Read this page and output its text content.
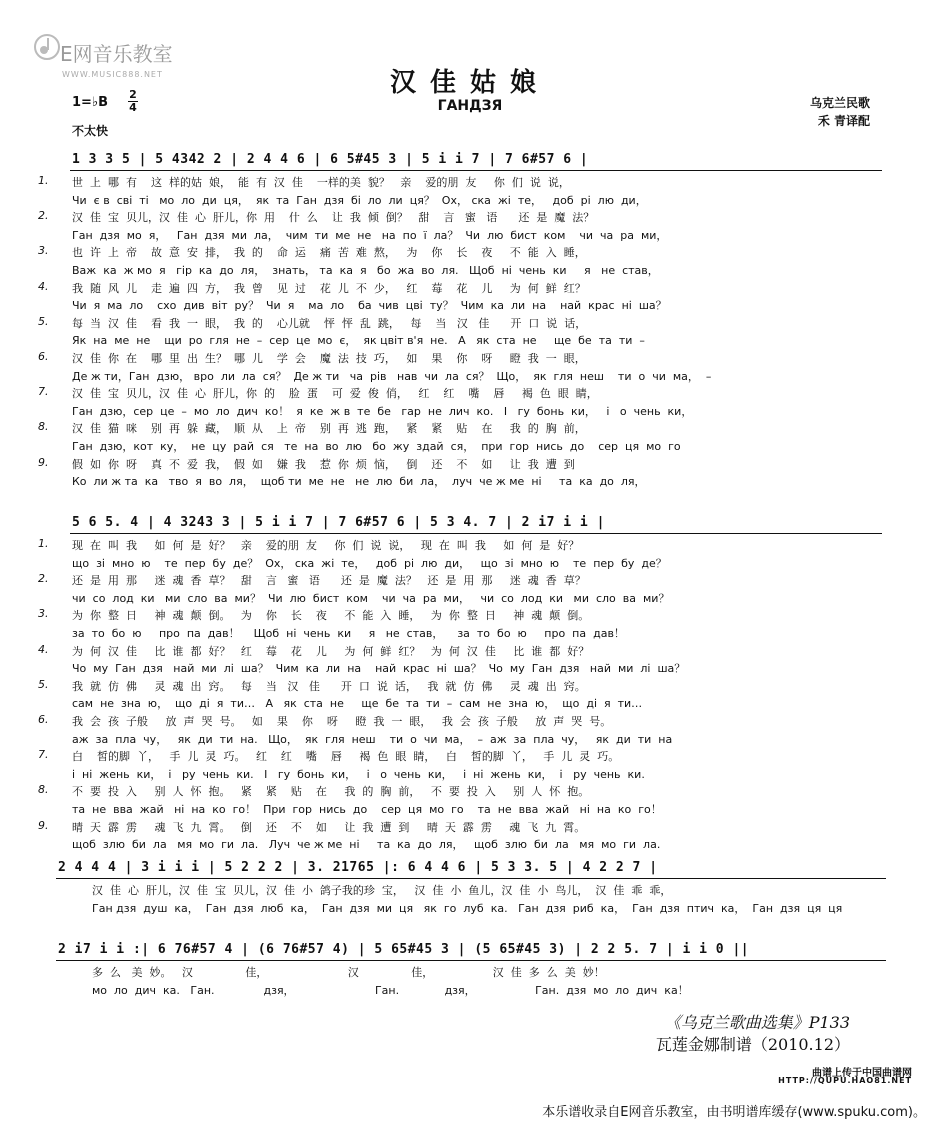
E网音乐教室
WWW.MUSIC888.NET	汉佳姑娘
ГАНДЗЯ	乌克兰民歌
禾 青译配
1=♭B
2
4
不太快
1 3 3 5 | 5 4342 2 | 2 4 4 6 | 6 5#45 3 | 5 i i 7 | 7 6#57 6 |
1. 世  上  哪  有    这  样的姑  娘，  能  有  汉  佳    一样的美  貌？   亲    爱的朋  友     你  们  说  说，
Чи  є в  сві  ті   мо  ло  ди  ця，  як  та  Ган  дзя  бі  ло  ли  ця？  Ох， ска  жі  те，   доб  рі  лю  ди，
2. 汉  佳  宝  贝儿，汉  佳  心  肝儿，你  用    什  么    让  我  倾  倒？   甜    言   蜜   语      还  是  魔  法？
Ган  дзя  мо  я，   Ган  дзя  ми  ла，  чим  ти  ме  не   на  по  ї  ла？  Чи  лю  бист  ком    чи  ча  ра  ми，
3. 也  许  上  帝    故  意  安  排，  我  的    命  运    痛  苦  难  熬，   为    你    长    夜     不  能  入  睡，
Важ  ка  ж мо  я   гір  ка  до  ля，  знать， та  ка  я   бо  жа  во  ля.   Щоб  ні  чень  ки     я   не  став，
4. 我  随  风  儿    走  遍  四  方，  我  曾    见  过    花  儿  不  少，   红    莓    花    儿     为  何  鲜  红？
Чи  я  ма  ло    схо  див  віт  ру？  Чи  я    ма  ло    ба  чив  цві  ту？  Чим  ка  ли  на    най  крас  ні  ша？
5. 每  当  汉  佳    看  我  一  眼，  我  的    心儿就    怦  怦  乱  跳，   每    当   汉   佳      开  口  说  话，
Як  на  ме  не    щи  ро  гля  не  –  сер  це  мо  є，  як цвіт в'я  не.   А   як  ста  не     ще  бе  та  ти  –
6. 汉  佳  你  在    哪  里  出  生？  哪  儿    学  会    魔  法  技  巧，   如    果    你    呀     瞪  我  一  眼，
Де ж ти，Ган  дзю， вро  ли  ла  ся？  Де ж ти   ча  рів   нав  чи  ла  ся？  Що，  як  гля  неш    ти  о  чи  ма，  –
7. 汉  佳  宝  贝儿，汉  佳  心  肝儿，你  的    脸  蛋    可  爱  俊  俏，   红    红    嘴    唇     褐  色  眼  睛，
Ган  дзю，сер  це  –  мо  ло  дич  ко！  я  ке  ж в  те  бе   гар  не  лич  ко.   І   гу  бонь  ки，   і   о  чень  ки，
8. 汉  佳  猫  咪    别  再  躲  藏，  顺  从    上  帝    别  再  逃  跑，   紧    紧    贴    在     我  的  胸  前，
Ган  дзю，кот  ку，  не  цу  рай  ся   те  на  во  лю   бо  жу  здай  ся，  при  гор  нись  до    сер  ця  мо  го
9. 假  如  你  呀    真  不  爱  我，  假  如    嫌  我    惹  你  烦  恼，   倒    还    不    如     让  我  遭  到
Ко  ли ж та  ка   тво  я  во  ля，  щоб ти  ме  не   не  лю  би  ла，  луч  че ж ме  ні     та  ка  до  ля，
5 6 5. 4 | 4 3243 3 | 5 i i 7 | 7 6#57 6 | 5 3 4. 7 | 2 i7 i i |
1. 现  在  叫  我     如  何  是  好？   亲    爱的朋  友     你  们  说  说，   现  在  叫  我     如  何  是  好？
що  зі  мно  ю    те  пер  бу  де？  Ох， ска  жі  те，   доб  рі  лю  ди，   що  зі  мно  ю    те  пер  бу  де？
2. 还  是  用  那     迷  魂  香  草？   甜    言   蜜   语      还  是  魔  法？   还  是  用  那     迷  魂  香  草？
чи  со  лод  ки   ми  сло  ва  ми？  Чи  лю  бист  ком    чи  ча  ра  ми，   чи  со  лод  ки   ми  сло  ва  ми？
3. 为  你  整  日     神  魂  颠  倒。   为    你    长    夜     不  能  入  睡，   为  你  整  日     神  魂  颠  倒。
за  то  бо  ю     про  па  дав！    Щоб  ні  чень  ки     я   не  став，    за  то  бо  ю     про  па  дав！
4. 为  何  汉  佳     比  谁  都  好？   红    莓    花    儿     为  何  鲜  红？   为  何  汉  佳     比  谁  都  好？
Чо  му  Ган  дзя   най  ми  лі  ша？  Чим  ка  ли  на    най  крас  ні  ша？  Чо  му  Ган  дзя   най  ми  лі  ша？
5. 我  就  仿  佛     灵  魂  出  窍。   每    当   汉   佳      开  口  说  话，   我  就  仿  佛     灵  魂  出  窍。
сам  не  зна  ю，  що  ді  я  ти…   А   як  ста  не     ще  бе  та  ти  –  сам  не  зна  ю，  що  ді  я  ти…
6. 我  会  孩  子般     放  声  哭  号。   如    果    你    呀     瞪  我  一  眼，   我  会  孩  子般     放  声  哭  号。
аж  за  пла  чу，   як  ди  ти  на.   Що，  як  гля  неш    ти  о  чи  ма，  –  аж  за  пла  чу，   як  ди  ти  на
7. 白    皙的脚  丫，   手  儿  灵  巧。   红    红    嘴    唇     褐  色  眼  睛，   白    皙的脚  丫，   手  儿  灵  巧。
і  ні  жень  ки，  і   ру  чень  ки.   І   гу  бонь  ки，   і   о  чень  ки，   і  ні  жень  ки，  і   ру  чень  ки.
8. 不  要  投  入     别  人  怀  抱。   紧    紧    贴    在     我  的  胸  前，   不  要  投  入     别  人  怀  抱。
та  не  вва  жай   ні  на  ко  го！  При  гор  нись  до    сер  ця  мо  го    та  не  вва  жай   ні  на  ко  го！
9. 晴  天  霹  雳     魂  飞  九  霄。   倒    还    不    如     让  我  遭  到     晴  天  霹  雳     魂  飞  九  霄。
щоб  злю  би  ла   мя  мо  ги  ла.   Луч  че ж ме  ні     та  ка  до  ля，   щоб  злю  би  ла   мя  мо  ги  ла.
2 4 4 4 | 3 i i i | 5 2 2 2 | 3. 21765 |: 6 4 4 6 | 5 3 3. 5 | 4 2 2 7 |
汉  佳  心  肝儿，汉  佳  宝  贝儿，汉  佳  小  鸽子我的珍  宝，   汉  佳  小  鱼儿，汉  佳  小  鸟儿，  汉  佳  乖  乖，
Ган дзя  душ  ка，  Ган  дзя  люб  ка，  Ган  дзя  ми  ця   як  го  луб  ка.   Ган  дзя  риб  ка，  Ган  дзя  птич  ка，  Ган  дзя  ця  ця
2 i7 i i :| 6 76#57 4 | (6 76#57 4) | 5 65#45 3 | (5 65#45 3) | 2 2 5. 7 | i i 0 ||
多  么   美  妙。   汉               佳，                       汉               佳，                 汉  佳  多  么  美  妙！
мо  ло  дич  ка.   Ган.              дзя，                       Ган.             дзя，                 Ган.  дзя  мо  ло  дич  ка！
《乌克兰歌曲选集》P133
瓦莲金娜制谱（2010.12）
曲谱上传于中国曲谱网
HTTP://QUPU.HAO81.NET
本乐谱收录自E网音乐教室，由书明谱库缓存(www.spuku.com)。
